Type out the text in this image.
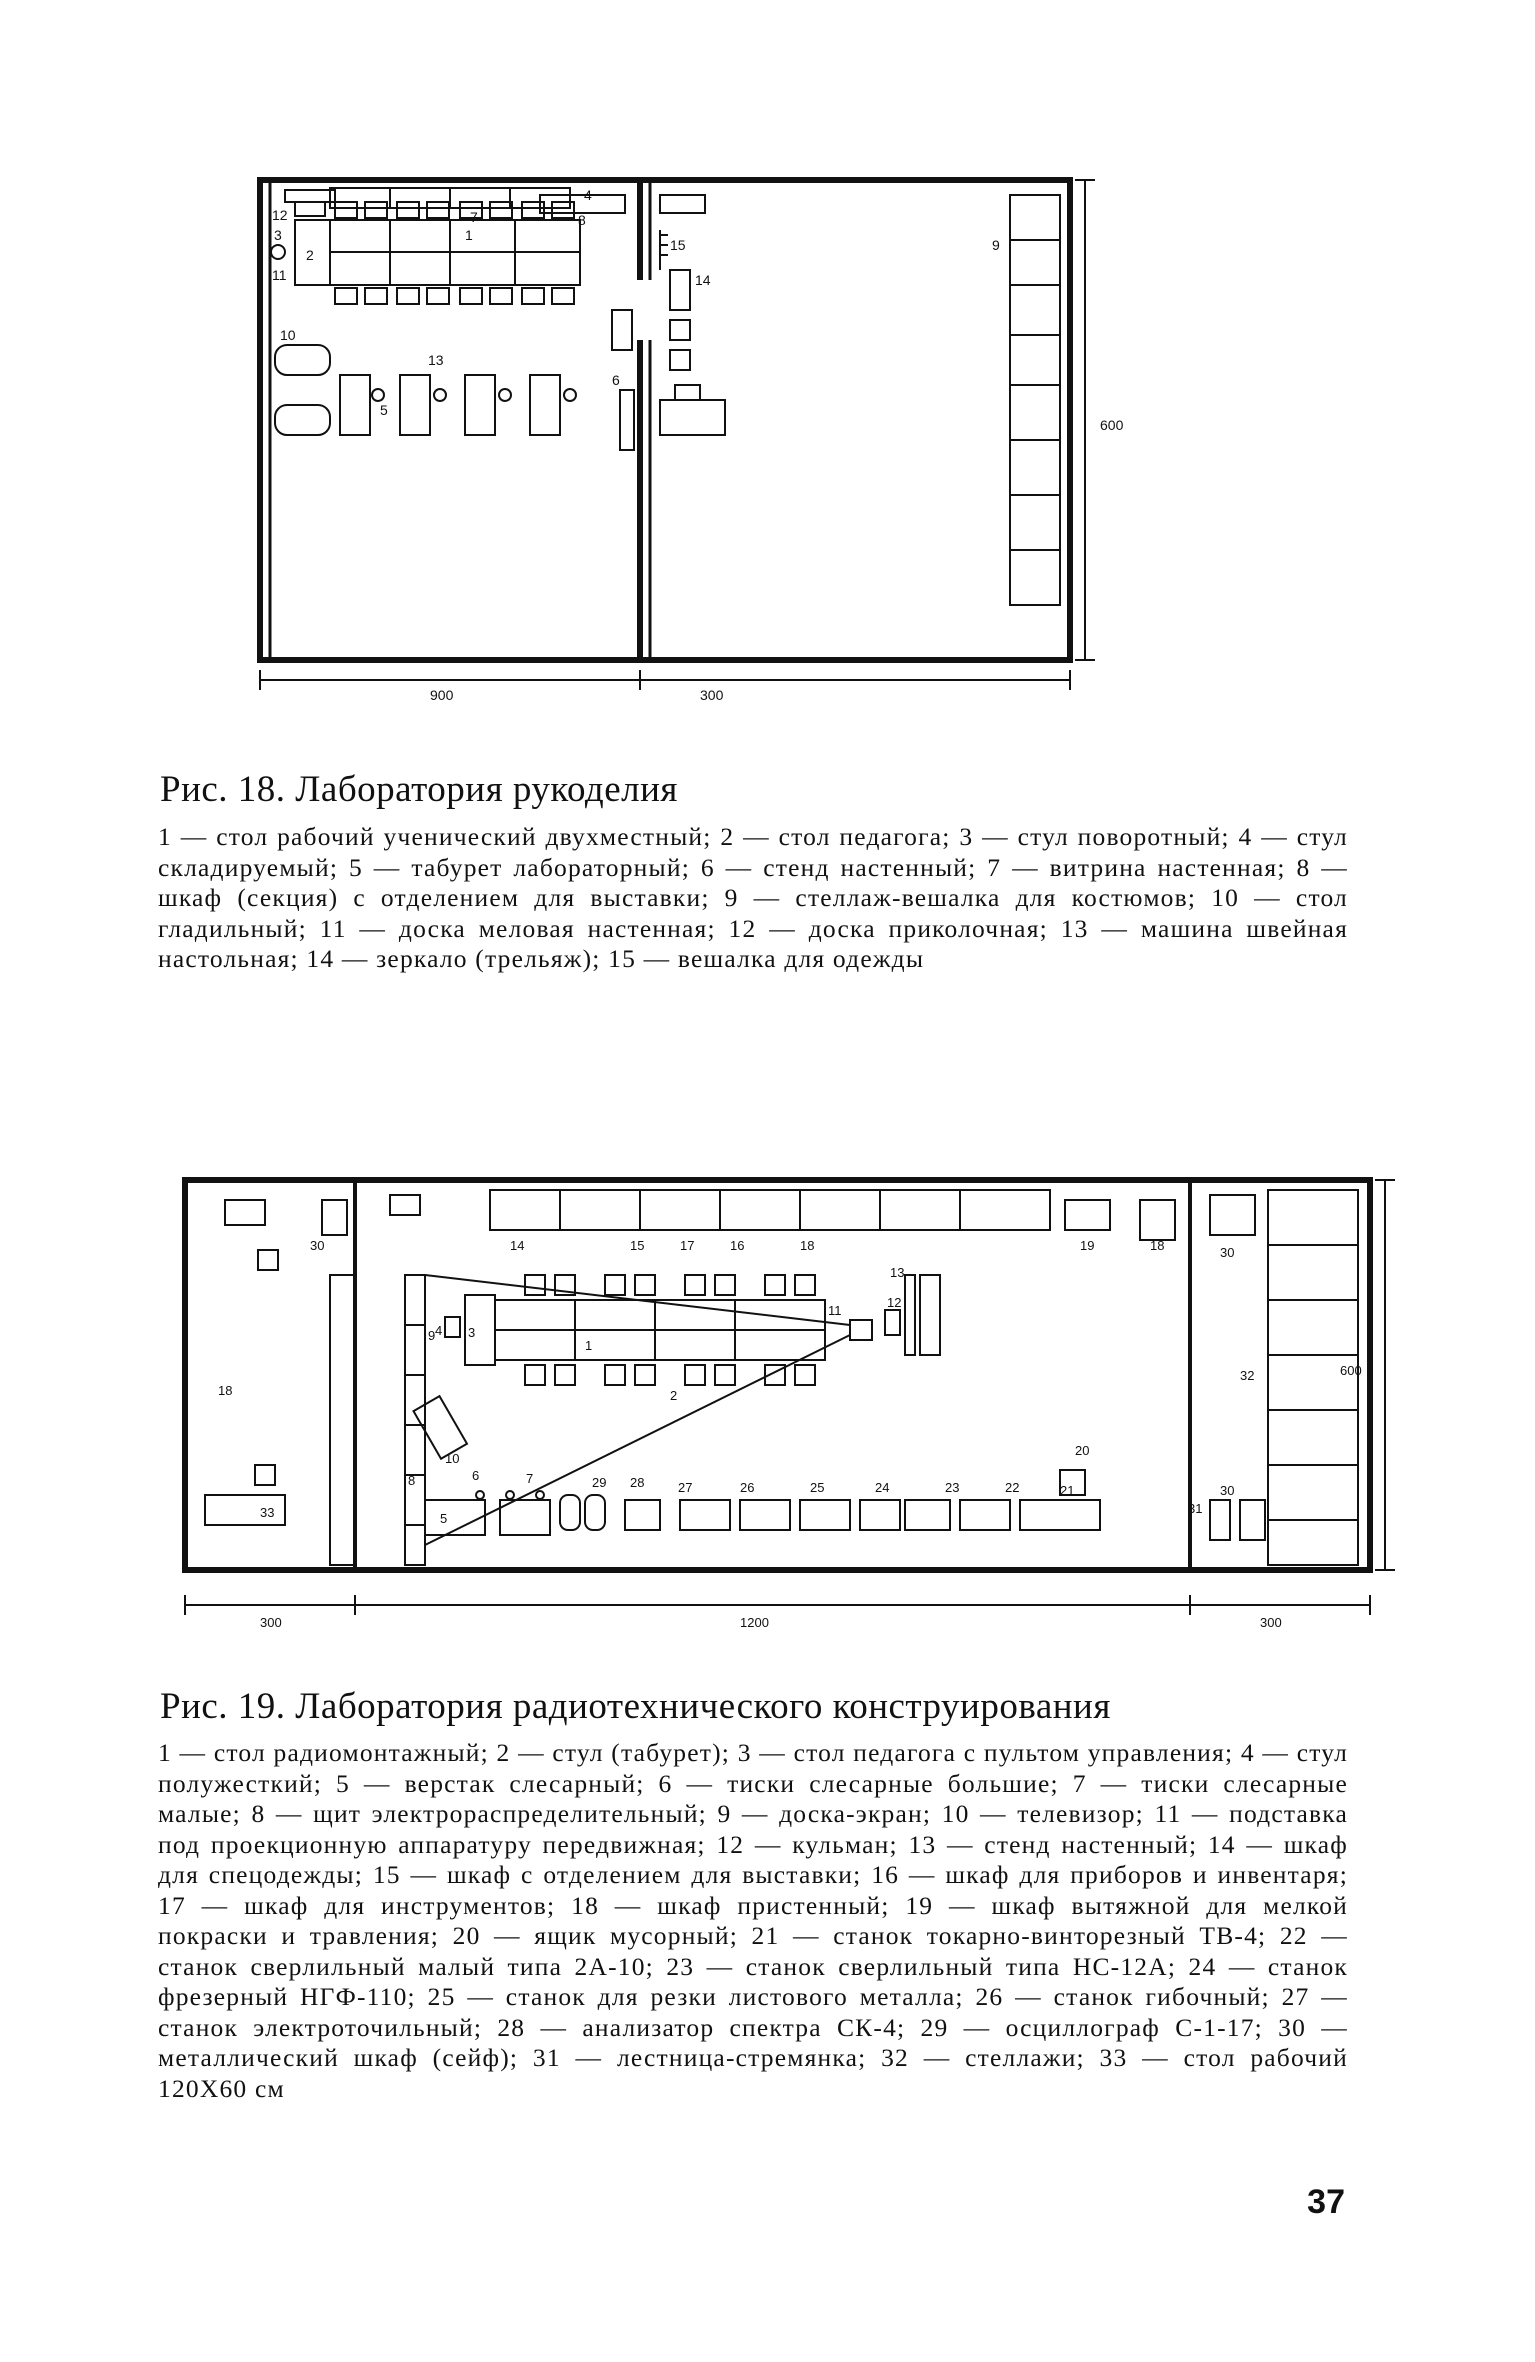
1
2
3
4
5
6
7	8
9
10
11
12
13
14
15
900	300
600
Рис. 18. Лаборатория рукоделия
1 — стол рабочий ученический двухместный; 2 — стол педагога; 3 — стул поворотный; 4 — стул складируемый; 5 — табурет лабораторный; 6 — стенд настенный; 7 — витрина настенная; 8 — шкаф (секция) с отделением для выставки; 9 — стеллаж-вешалка для костюмов; 10 — стол гладильный; 11 — доска меловая настенная; 12 — доска приколочная; 13 — машина швейная настольная; 14 — зеркало (трельяж); 15 — вешалка для одежды
1
2
3
4
5
6	7
8
9
10
11
12
13
14	15	16
17	18	18
18
19
20
21
22
23
24
25
26
27
28
29
30	30
30
31
32
33
300	1200	300
600
Рис. 19. Лаборатория радиотехнического конструирования
1 — стол радиомонтажный; 2 — стул (табурет); 3 — стол педагога с пультом управления; 4 — стул полужесткий; 5 — верстак слесарный; 6 — тиски слесарные большие; 7 — тиски слесарные малые; 8 — щит электрораспределительный; 9 — доска-экран; 10 — телевизор; 11 — подставка под проекционную аппаратуру передвижная; 12 — кульман; 13 — стенд настенный; 14 — шкаф для спецодежды; 15 — шкаф с отделением для выставки; 16 — шкаф для приборов и инвентаря; 17 — шкаф для инструментов; 18 — шкаф пристенный; 19 — шкаф вытяжной для мелкой покраски и травления; 20 — ящик мусорный; 21 — станок токарно-винторезный ТВ-4; 22 — станок сверлильный малый типа 2А-10; 23 — станок сверлильный типа НС-12А; 24 — станок фрезерный НГФ-110; 25 — станок для резки листового металла; 26 — станок гибочный; 27 — станок электроточильный; 28 — анализатор спектра СК-4; 29 — осциллограф С-1-17; 30 — металлический шкаф (сейф); 31 — лестница-стремянка; 32 — стеллажи; 33 — стол рабочий 120Х60 см
37
